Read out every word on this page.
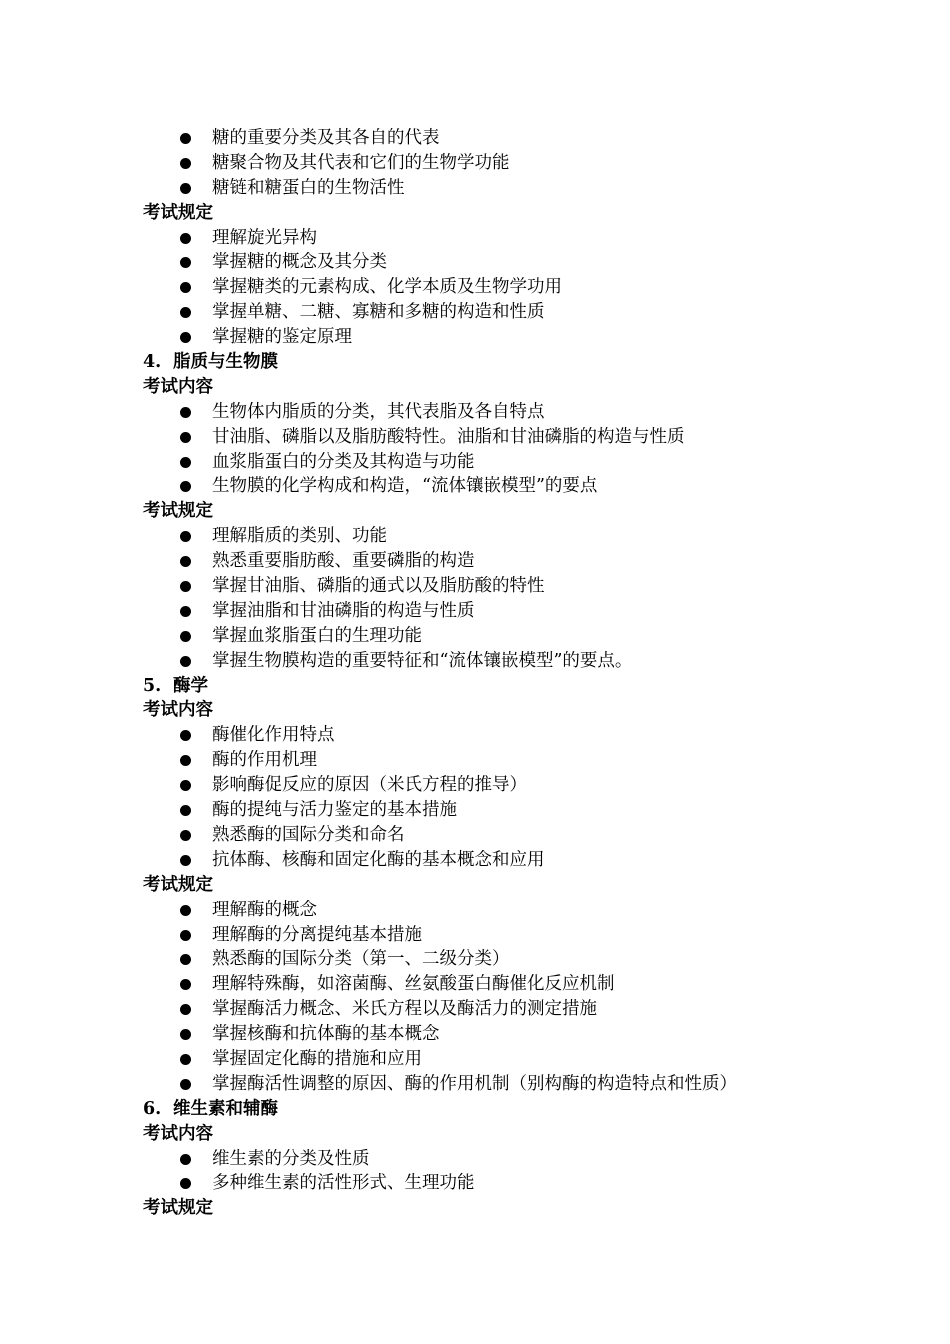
糖的重要分类及其各自的代表
糖聚合物及其代表和它们的生物学功能
糖链和糖蛋白的生物活性
考试规定
理解旋光异构
掌握糖的概念及其分类
掌握糖类的元素构成、化学本质及生物学功用
掌握单糖、二糖、寡糖和多糖的构造和性质
掌握糖的鉴定原理
4. 脂质与生物膜
考试内容
生物体内脂质的分类，其代表脂及各自特点
甘油脂、磷脂以及脂肪酸特性。油脂和甘油磷脂的构造与性质
血浆脂蛋白的分类及其构造与功能
生物膜的化学构成和构造，“流体镶嵌模型”的要点
考试规定
理解脂质的类别、功能
熟悉重要脂肪酸、重要磷脂的构造
掌握甘油脂、磷脂的通式以及脂肪酸的特性
掌握油脂和甘油磷脂的构造与性质
掌握血浆脂蛋白的生理功能
掌握生物膜构造的重要特征和“流体镶嵌模型”的要点。
5. 酶学
考试内容
酶催化作用特点
酶的作用机理
影响酶促反应的原因（米氏方程的推导）
酶的提纯与活力鉴定的基本措施
熟悉酶的国际分类和命名
抗体酶、核酶和固定化酶的基本概念和应用
考试规定
理解酶的概念
理解酶的分离提纯基本措施
熟悉酶的国际分类（第一、二级分类）
理解特殊酶，如溶菌酶、丝氨酸蛋白酶催化反应机制
掌握酶活力概念、米氏方程以及酶活力的测定措施
掌握核酶和抗体酶的基本概念
掌握固定化酶的措施和应用
掌握酶活性调整的原因、酶的作用机制（别构酶的构造特点和性质）
6. 维生素和辅酶
考试内容
维生素的分类及性质
多种维生素的活性形式、生理功能
考试规定
